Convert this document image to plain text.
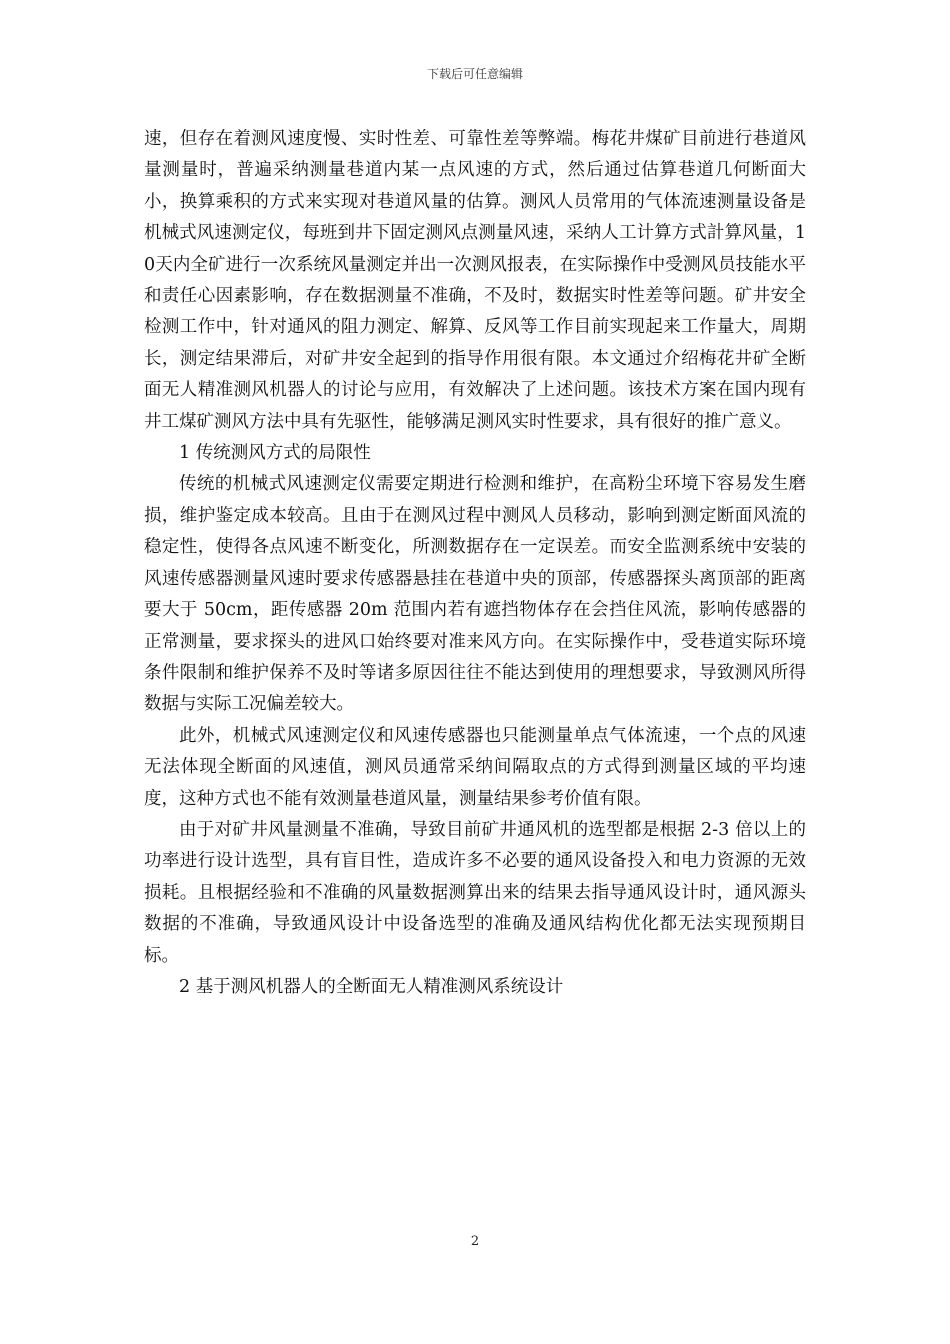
下载后可任意编辑

速，但存在着测风速度慢、实时性差、可靠性差等弊端。梅花井煤矿目前进行巷道风量测量时，普遍采纳测量巷道内某一点风速的方式，然后通过估算巷道几何断面大小，换算乘积的方式来实现对巷道风量的估算。测风人员常用的气体流速测量设备是机械式风速测定仪，每班到井下固定测风点测量风速，采纳人工计算方式計算风量，10天内全矿进行一次系统风量测定并出一次测风报表，在实际操作中受测风员技能水平和责任心因素影响，存在数据测量不准确，不及时，数据实时性差等问题。矿井安全检测工作中，针对通风的阻力测定、解算、反风等工作目前实现起来工作量大，周期长，测定结果滞后，对矿井安全起到的指导作用很有限。本文通过介绍梅花井矿全断面无人精准测风机器人的讨论与应用，有效解决了上述问题。该技术方案在国内现有井工煤矿测风方法中具有先驱性，能够满足测风实时性要求，具有很好的推广意义。

1 传统测风方式的局限性

传统的机械式风速测定仪需要定期进行检测和维护，在高粉尘环境下容易发生磨损，维护鉴定成本较高。且由于在测风过程中测风人员移动，影响到测定断面风流的稳定性，使得各点风速不断变化，所测数据存在一定误差。而安全监测系统中安装的风速传感器测量风速时要求传感器悬挂在巷道中央的顶部，传感器探头离顶部的距离要大于 50cm，距传感器 20m 范围内若有遮挡物体存在会挡住风流，影响传感器的正常测量，要求探头的进风口始终要对准来风方向。在实际操作中，受巷道实际环境条件限制和维护保养不及时等诸多原因往往不能达到使用的理想要求，导致测风所得数据与实际工况偏差较大。

此外，机械式风速测定仪和风速传感器也只能测量单点气体流速，一个点的风速无法体现全断面的风速值，测风员通常采纳间隔取点的方式得到测量区域的平均速度，这种方式也不能有效测量巷道风量，测量结果参考价值有限。

由于对矿井风量测量不准确，导致目前矿井通风机的选型都是根据 2-3 倍以上的功率进行设计选型，具有盲目性，造成许多不必要的通风设备投入和电力资源的无效损耗。且根据经验和不准确的风量数据测算出来的结果去指导通风设计时，通风源头数据的不准确，导致通风设计中设备选型的准确及通风结构优化都无法实现预期目标。

2 基于测风机器人的全断面无人精准测风系统设计

2
